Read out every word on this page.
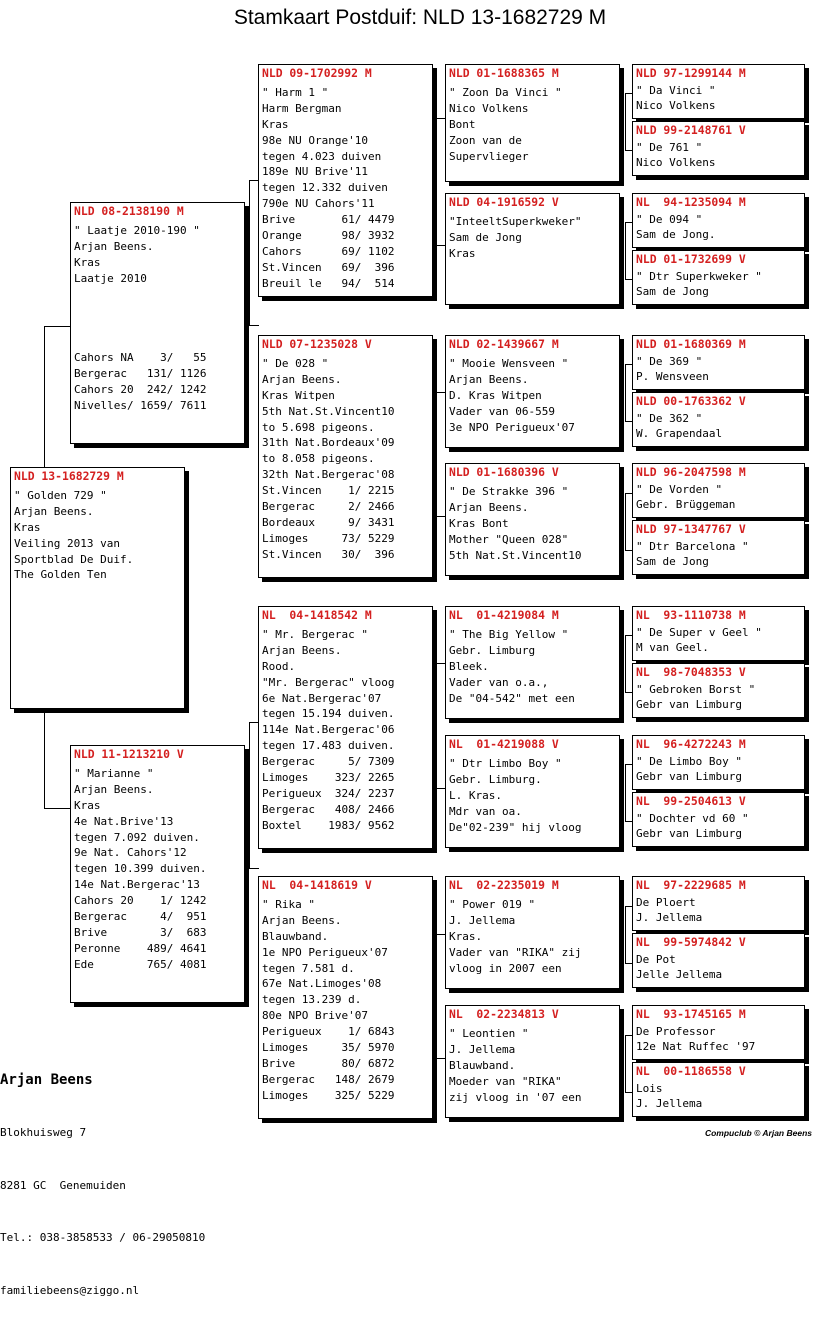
Stamkaart Postduif: NLD 13-1682729 M
NLD 13-1682729 M
" Golden 729 "
Arjan Beens.
Kras
Veiling 2013 van
Sportblad De Duif.
The Golden Ten
NLD 08-2138190 M
" Laatje 2010-190 "
Arjan Beens.
Kras
Laatje 2010
Cahors NA    3/   55
Bergerac   131/ 1126
Cahors 20  242/ 1242
Nivelles/ 1659/ 7611
NLD 11-1213210 V
" Marianne "
Arjan Beens.
Kras
4e Nat.Brive'13
tegen 7.092 duiven.
9e Nat. Cahors'12
tegen 10.399 duiven.
14e Nat.Bergerac'13
Cahors 20    1/ 1242
Bergerac     4/  951
Brive        3/  683
Peronne    489/ 4641
Ede        765/ 4081
NLD 09-1702992 M
" Harm 1 "
Harm Bergman
Kras
98e NU Orange'10
tegen 4.023 duiven
189e NU Brive'11
tegen 12.332 duiven
790e NU Cahors'11
Brive       61/ 4479
Orange      98/ 3932
Cahors      69/ 1102
St.Vincen   69/  396
Breuil le   94/  514
NLD 07-1235028 V
" De 028 "
Arjan Beens.
Kras Witpen
5th Nat.St.Vincent10
to 5.698 pigeons.
31th Nat.Bordeaux'09
to 8.058 pigeons.
32th Nat.Bergerac'08
St.Vincen    1/ 2215
Bergerac     2/ 2466
Bordeaux     9/ 3431
Limoges     73/ 5229
St.Vincen   30/  396
NL  04-1418542 M
" Mr. Bergerac "
Arjan Beens.
Rood.
"Mr. Bergerac" vloog
6e Nat.Bergerac'07
tegen 15.194 duiven.
114e Nat.Bergerac'06
tegen 17.483 duiven.
Bergerac     5/ 7309
Limoges    323/ 2265
Perigueux  324/ 2237
Bergerac   408/ 2466
Boxtel    1983/ 9562
NL  04-1418619 V
" Rika "
Arjan Beens.
Blauwband.
1e NPO Perigueux'07
tegen 7.581 d.
67e Nat.Limoges'08
tegen 13.239 d.
80e NPO Brive'07
Perigueux    1/ 6843
Limoges     35/ 5970
Brive       80/ 6872
Bergerac   148/ 2679
Limoges    325/ 5229
NLD 01-1688365 M
" Zoon Da Vinci "
Nico Volkens
Bont
Zoon van de
Supervlieger
NLD 04-1916592 V
"InteeltSuperkweker"
Sam de Jong
Kras
NLD 02-1439667 M
" Mooie Wensveen "
Arjan Beens.
D. Kras Witpen
Vader van 06-559
3e NPO Perigueux'07
NLD 01-1680396 V
" De Strakke 396 "
Arjan Beens.
Kras Bont
Mother "Queen 028"
5th Nat.St.Vincent10
NL  01-4219084 M
" The Big Yellow "
Gebr. Limburg
Bleek.
Vader van o.a.,
De "04-542" met een
NL  01-4219088 V
" Dtr Limbo Boy "
Gebr. Limburg.
L. Kras.
Mdr van oa.
De"02-239" hij vloog
NL  02-2235019 M
" Power 019 "
J. Jellema
Kras.
Vader van "RIKA" zij
vloog in 2007 een
NL  02-2234813 V
" Leontien "
J. Jellema
Blauwband.
Moeder van "RIKA"
zij vloog in '07 een
NLD 97-1299144 M
" Da Vinci "
Nico Volkens
NLD 99-2148761 V
" De 761 "
Nico Volkens
NL  94-1235094 M
" De 094 "
Sam de Jong.
NLD 01-1732699 V
" Dtr Superkweker "
Sam de Jong
NLD 01-1680369 M
" De 369 "
P. Wensveen
NLD 00-1763362 V
" De 362 "
W. Grapendaal
NLD 96-2047598 M
" De Vorden "
Gebr. Brüggeman
NLD 97-1347767 V
" Dtr Barcelona "
Sam de Jong
NL  93-1110738 M
" De Super v Geel "
M van Geel.
NL  98-7048353 V
" Gebroken Borst "
Gebr van Limburg
NL  96-4272243 M
" De Limbo Boy "
Gebr van Limburg
NL  99-2504613 V
" Dochter vd 60 "
Gebr van Limburg
NL  97-2229685 M
De Ploert
J. Jellema
NL  99-5974842 V
De Pot
Jelle Jellema
NL  93-1745165 M
De Professor
12e Nat Ruffec '97
NL  00-1186558 V
Lois
J. Jellema

Arjan Beens

Blokhuisweg 7

8281 GC  Genemuiden

Tel.: 038-3858533 / 06-29050810

familiebeens@ziggo.nl

Compuclub © Arjan Beens
